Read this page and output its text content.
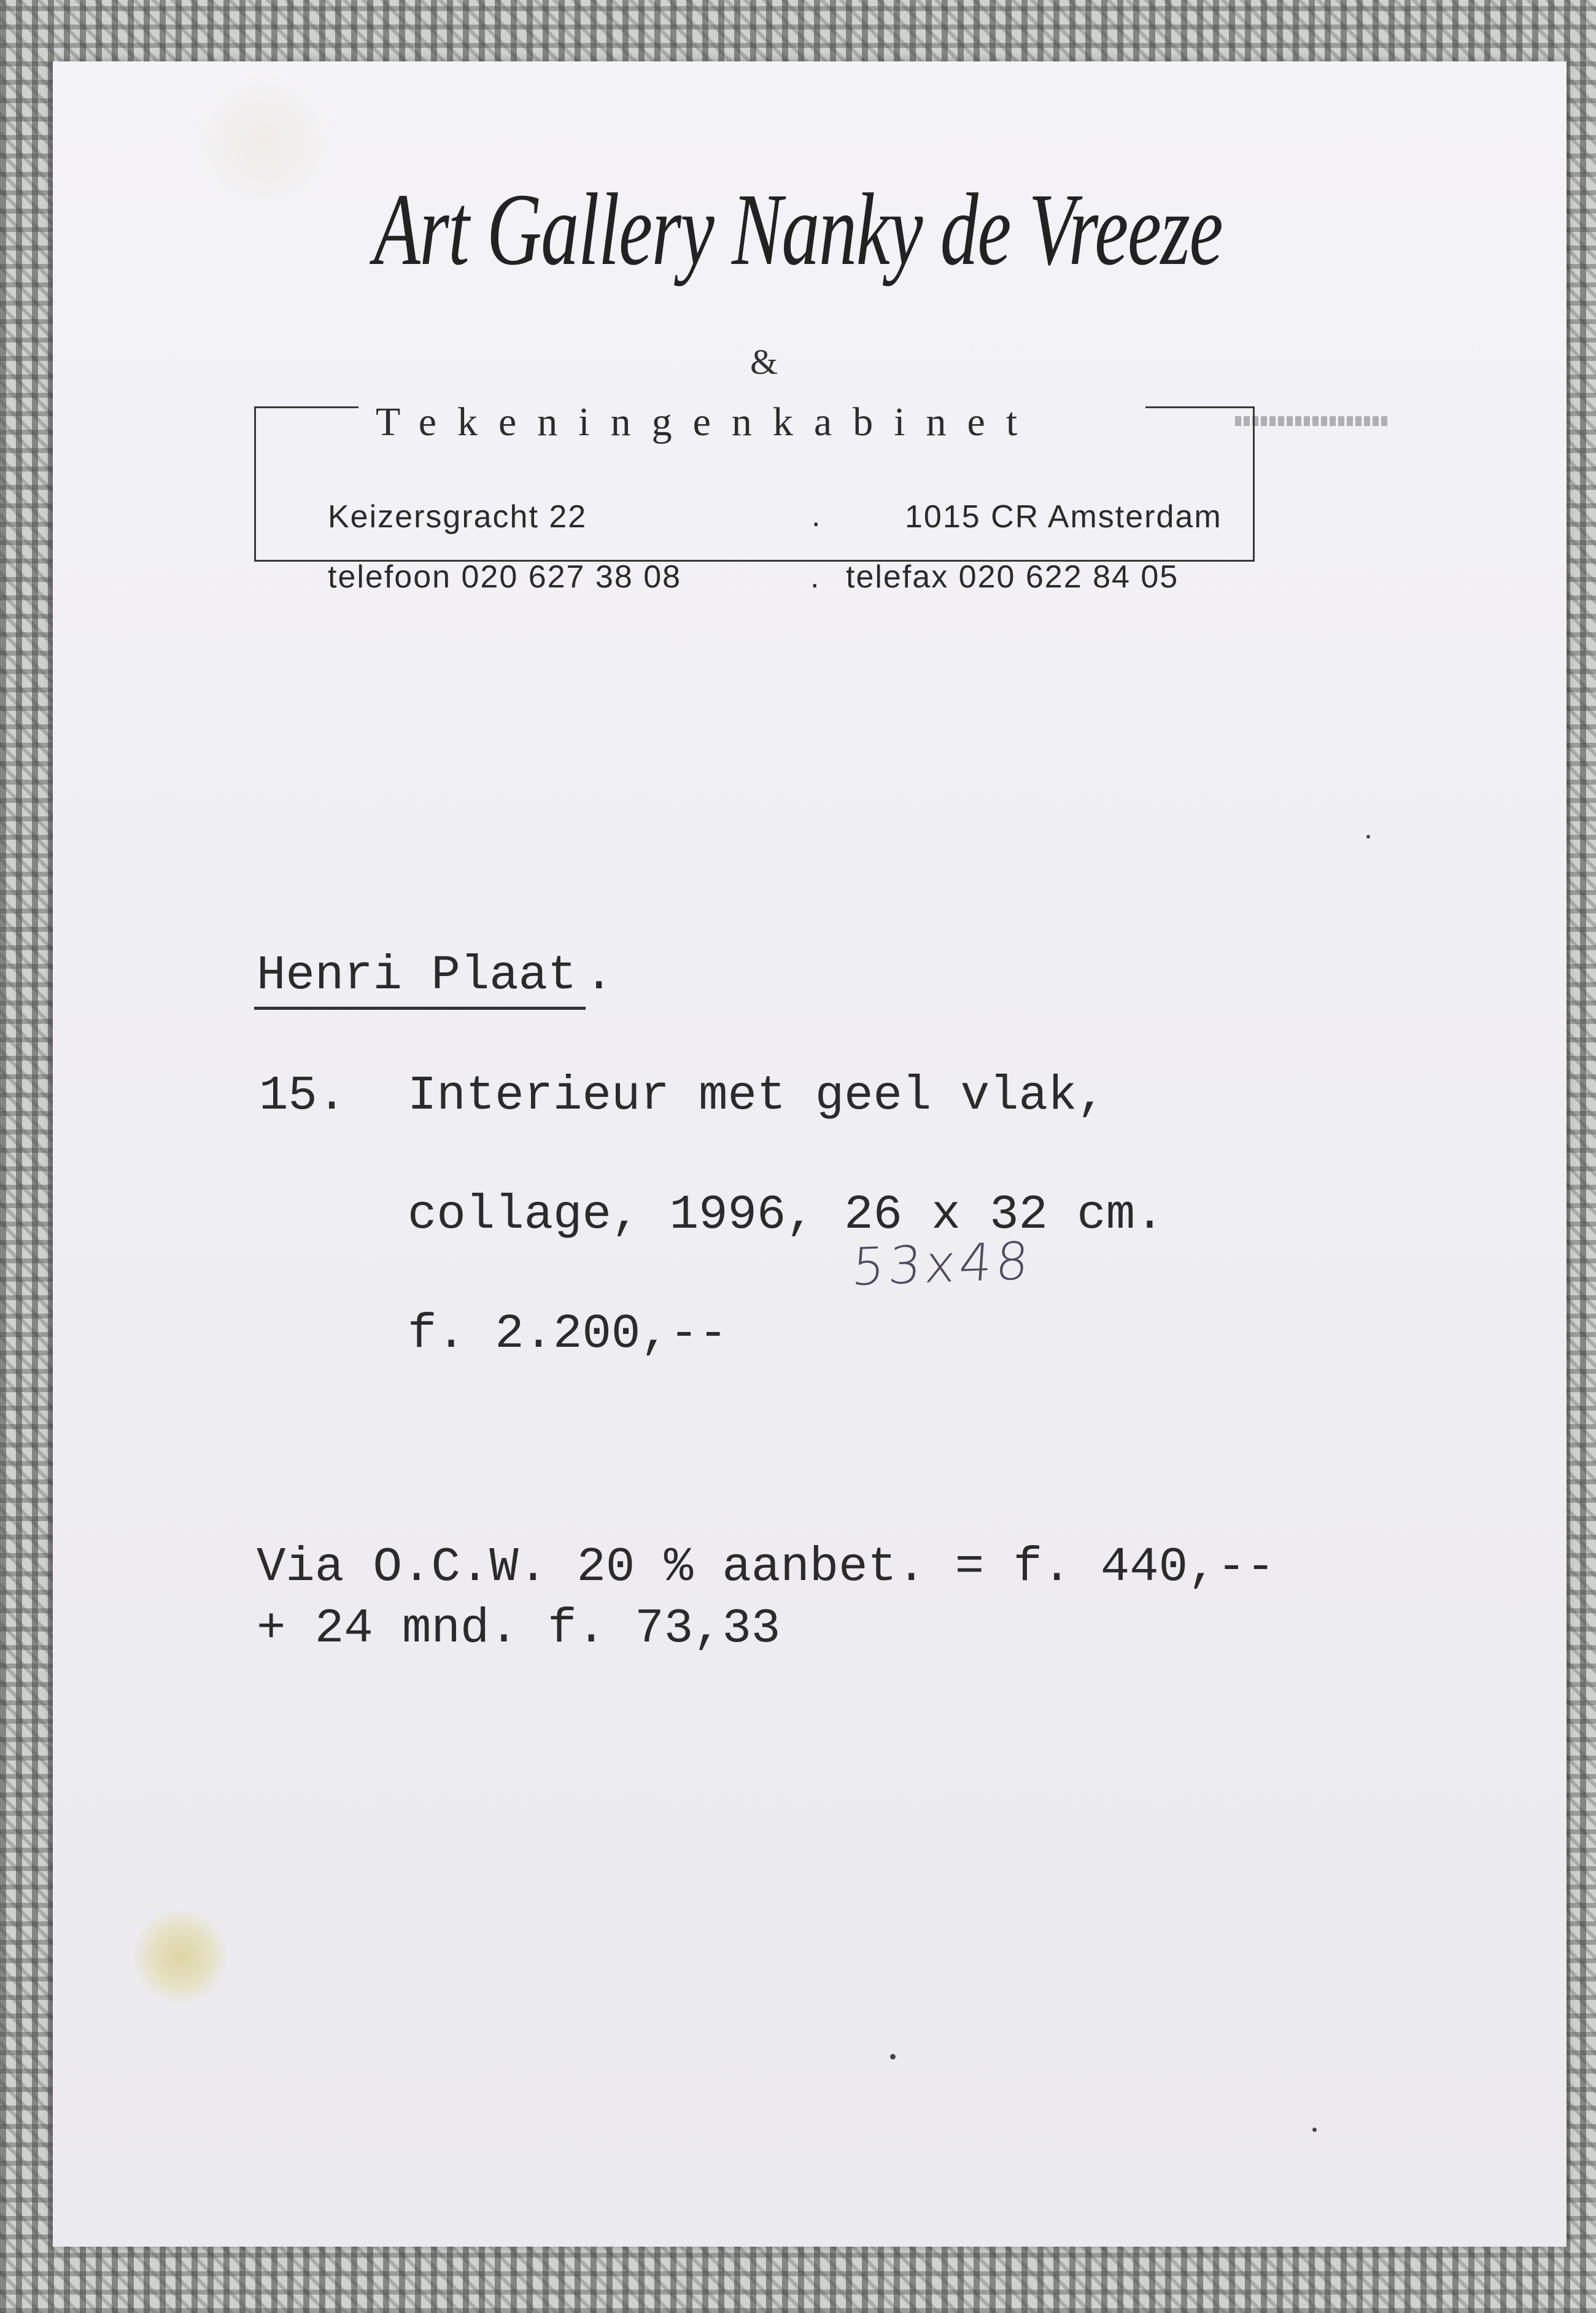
Art Gallery Nanky de Vreeze
&
Tekeningenkabinet
Keizersgracht 22	.	1015 CR Amsterdam
telefoon 020 627 38 08	. telefax 020 622 84 05
Henri Plaat .
15. Interieur met geel vlak,
collage, 1996, 26 x 32 cm.
f. 2.200,--
53x48
Via O.C.W. 20 % aanbet. = f. 440,--
+ 24 mnd. f. 73,33
